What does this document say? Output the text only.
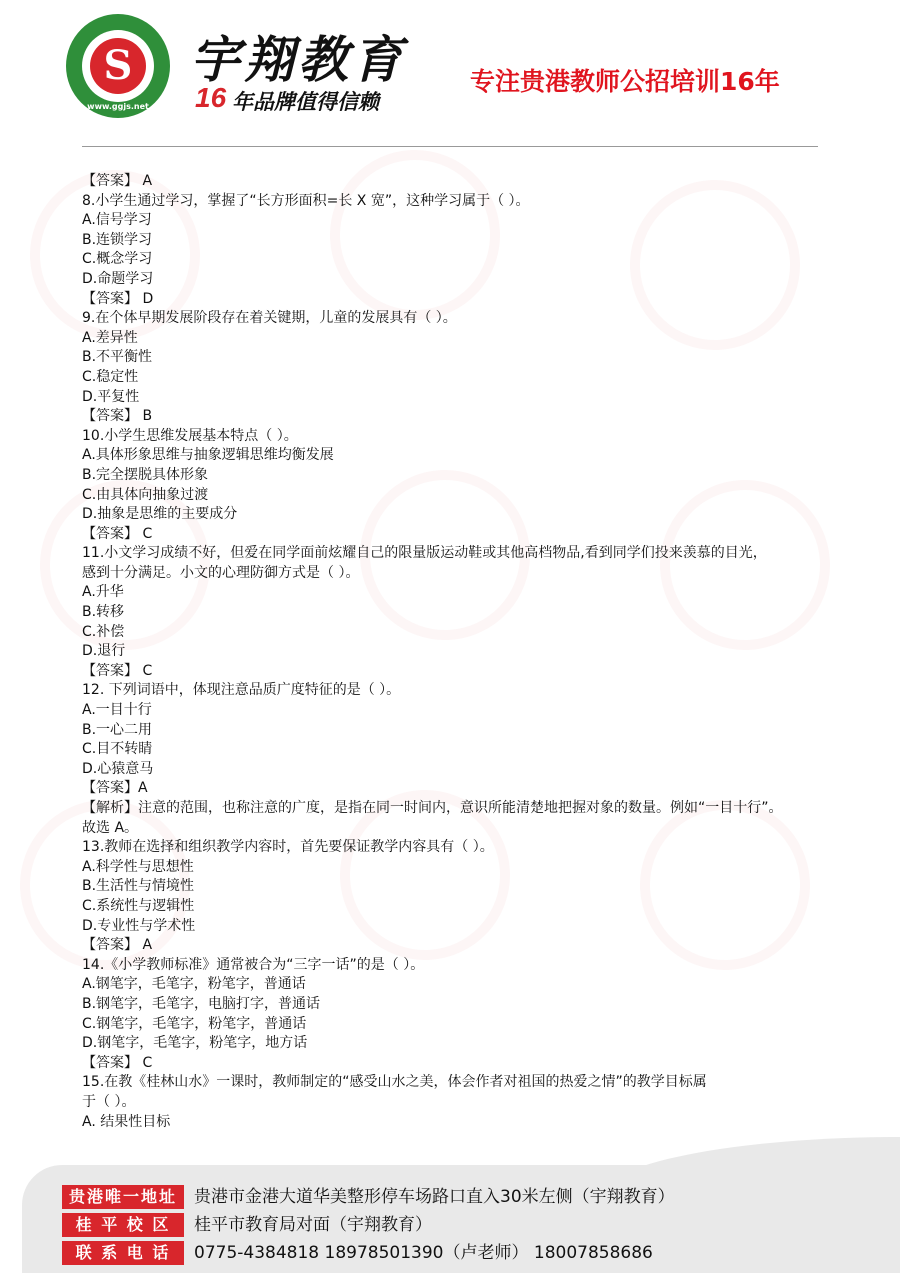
S
www.ggjs.net
宇翔教育
16 年品牌值得信赖
专注贵港教师公招培训16年
【答案】 A
8.小学生通过学习，掌握了“长方形面积=长 X 宽”，这种学习属于（ ）。
A.信号学习
B.连锁学习
C.概念学习
D.命题学习
【答案】 D
9.在个体早期发展阶段存在着关键期，儿童的发展具有（ ）。
A.差异性
B.不平衡性
C.稳定性
D.平复性
【答案】 B
10.小学生思维发展基本特点（ ）。
A.具体形象思维与抽象逻辑思维均衡发展
B.完全摆脱具体形象
C.由具体向抽象过渡
D.抽象是思维的主要成分
【答案】 C
11.小文学习成绩不好，但爱在同学面前炫耀自己的限量版运动鞋或其他高档物品,看到同学们投来羡慕的目光，
感到十分满足。小文的心理防御方式是（ ）。
A.升华
B.转移
C.补偿
D.退行
【答案】 C
12. 下列词语中，体现注意品质广度特征的是（ ）。
A.一目十行
B.一心二用
C.目不转睛
D.心猿意马
【答案】A
【解析】注意的范围，也称注意的广度，是指在同一时间内，意识所能清楚地把握对象的数量。例如“一目十行”。
故选 A。
13.教师在选择和组织教学内容时，首先要保证教学内容具有（ ）。
A.科学性与思想性
B.生活性与情境性
C.系统性与逻辑性
D.专业性与学术性
【答案】 A
14.《小学教师标准》通常被合为“三字一话”的是（ ）。
A.钢笔字，毛笔字，粉笔字，普通话
B.钢笔字，毛笔字，电脑打字，普通话
C.钢笔字，毛笔字，粉笔字，普通话
D.钢笔字，毛笔字，粉笔字，地方话
【答案】 C
15.在教《桂林山水》一课时，教师制定的“感受山水之美，体会作者对祖国的热爱之情”的教学目标属
于（ ）。
A. 结果性目标
贵港唯一地址	贵港市金港大道华美整形停车场路口直入30米左侧（宇翔教育）
桂 平 校 区	桂平市教育局对面（宇翔教育）
联 系 电 话	0775-4384818 18978501390（卢老师） 18007858686
